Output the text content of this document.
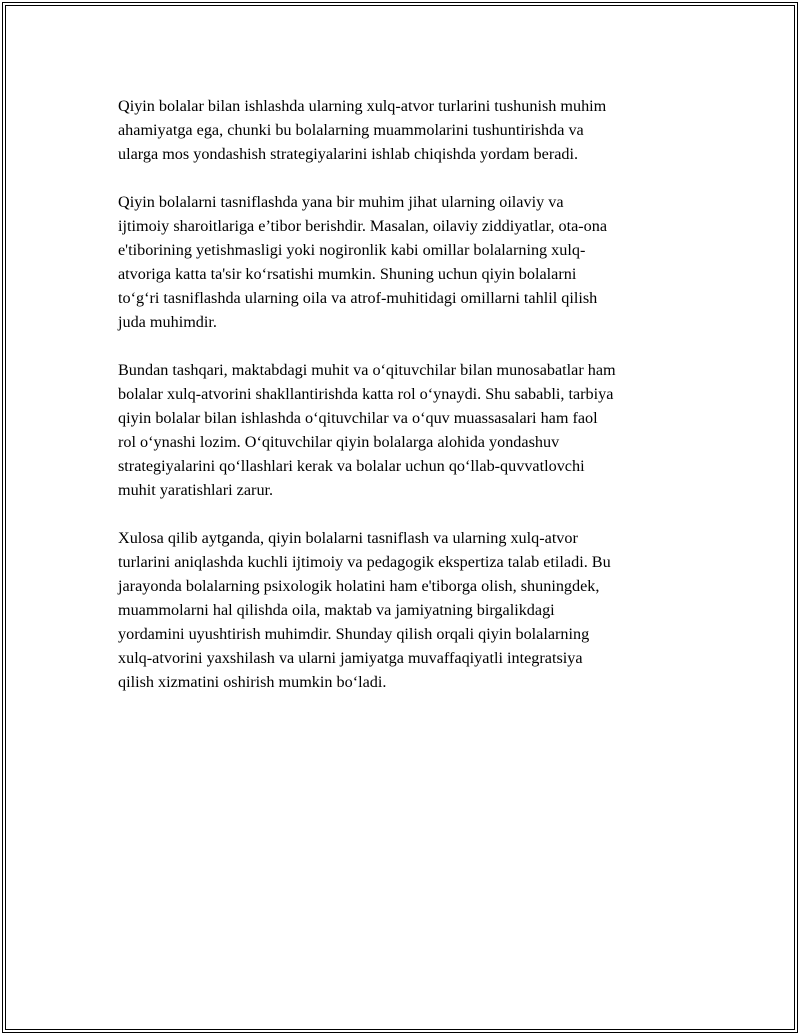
Qiyin bolalar bilan ishlashda ularning xulq-atvor turlarini tushunish muhim
ahamiyatga ega, chunki bu bolalarning muammolarini tushuntirishda va
ularga mos yondashish strategiyalarini ishlab chiqishda yordam beradi.

Qiyin bolalarni tasniflashda yana bir muhim jihat ularning oilaviy va
ijtimoiy sharoitlariga e’tibor berishdir. Masalan, oilaviy ziddiyatlar, ota-ona
e'tiborining yetishmasligi yoki nogironlik kabi omillar bolalarning xulq-
atvoriga katta ta'sir ko‘rsatishi mumkin. Shuning uchun qiyin bolalarni
to‘g‘ri tasniflashda ularning oila va atrof-muhitidagi omillarni tahlil qilish
juda muhimdir.

Bundan tashqari, maktabdagi muhit va o‘qituvchilar bilan munosabatlar ham
bolalar xulq-atvorini shakllantirishda katta rol o‘ynaydi. Shu sababli, tarbiya
qiyin bolalar bilan ishlashda o‘qituvchilar va o‘quv muassasalari ham faol
rol o‘ynashi lozim. O‘qituvchilar qiyin bolalarga alohida yondashuv
strategiyalarini qo‘llashlari kerak va bolalar uchun qo‘llab-quvvatlovchi
muhit yaratishlari zarur.

Xulosa qilib aytganda, qiyin bolalarni tasniflash va ularning xulq-atvor
turlarini aniqlashda kuchli ijtimoiy va pedagogik ekspertiza talab etiladi. Bu
jarayonda bolalarning psixologik holatini ham e'tiborga olish, shuningdek,
muammolarni hal qilishda oila, maktab va jamiyatning birgalikdagi
yordamini uyushtirish muhimdir. Shunday qilish orqali qiyin bolalarning
xulq-atvorini yaxshilash va ularni jamiyatga muvaffaqiyatli integratsiya
qilish xizmatini oshirish mumkin bo‘ladi.
